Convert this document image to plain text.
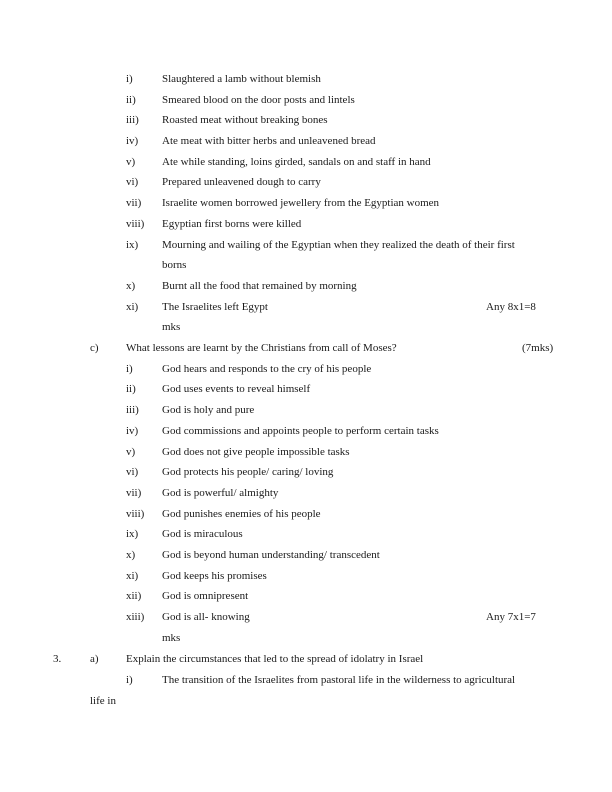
i)	Slaughtered a lamb without blemish
ii) Smeared blood on the door posts and lintels
iii) Roasted meat without breaking bones
iv) Ate meat with bitter herbs and unleavened bread
v) Ate while standing, loins girded, sandals on and staff in hand
vi) Prepared unleavened dough to carry
vii) Israelite women borrowed jewellery from the Egyptian women
viii) Egyptian first borns were killed
ix) Mourning and wailing of the Egyptian when they realized the death of their first
borns
x) Burnt all the food that remained by morning
xi) The Israelites left Egypt	Any 8x1=8
mks
c) What lessons are learnt by the Christians from call of Moses?	(7mks)
i)	God hears and responds to the cry of his people
ii) God uses events to reveal himself
iii) God is holy and pure
iv) God commissions and appoints people to perform certain tasks
v) God does not give people impossible tasks
vi) God protects his people/ caring/ loving
vii) God is powerful/ almighty
viii) God punishes enemies of his people
ix) God is miraculous
x) God is beyond human understanding/ transcedent
xi) God keeps his promises
xii) God is omnipresent
xiii) God is all- knowing	Any 7x1=7
mks
3.	a) Explain the circumstances that led to the spread of idolatry in Israel
i)	The transition of the Israelites from pastoral life in the wilderness to agricultural
life in
